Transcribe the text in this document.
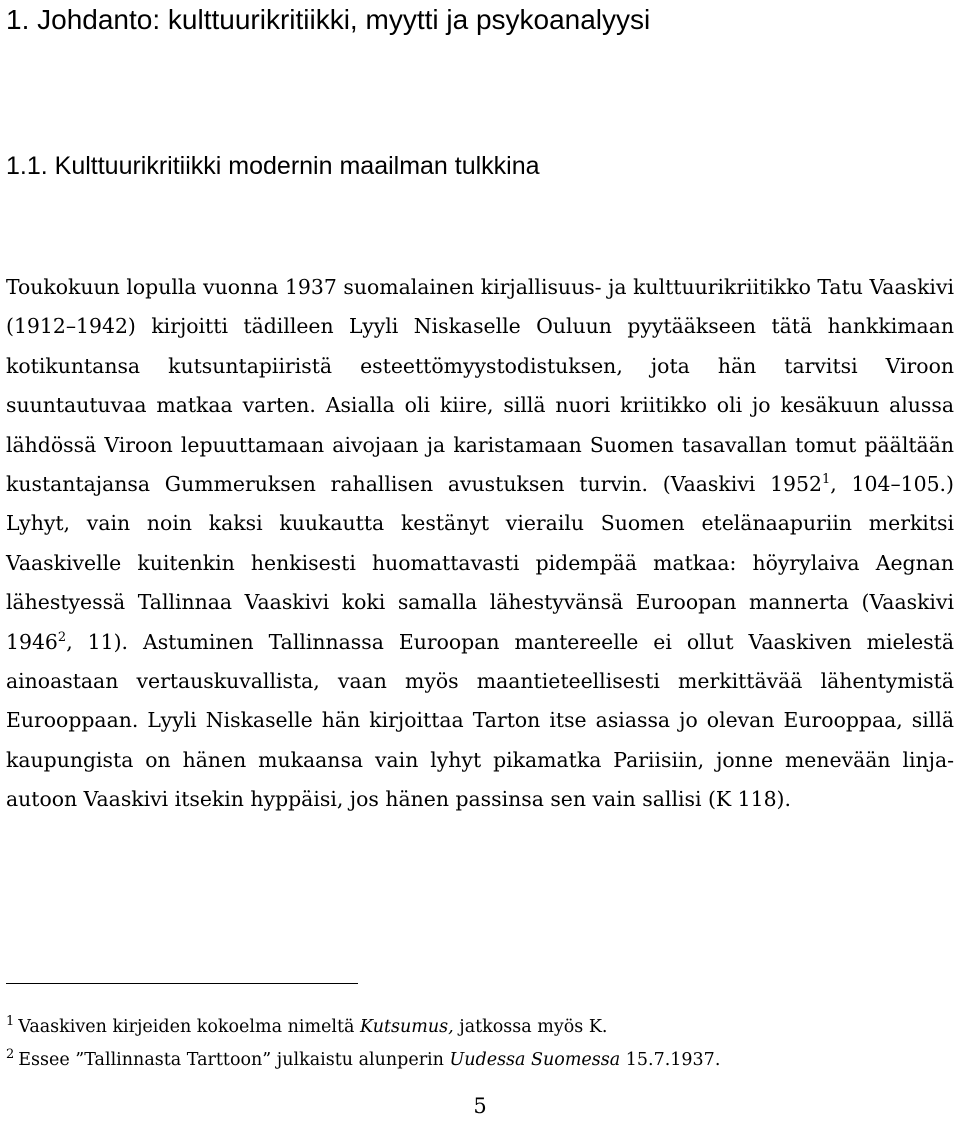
1. Johdanto: kulttuurikritiikki, myytti ja psykoanalyysi
1.1. Kulttuurikritiikki modernin maailman tulkkina

Toukokuun lopulla vuonna 1937 suomalainen kirjallisuus- ja kulttuurikriitikko Tatu Vaaskivi (1912–1942) kirjoitti tädilleen Lyyli Niskaselle Ouluun pyytääkseen tätä hankkimaan kotikuntansa kutsuntapiiristä esteettömyystodistuksen, jota hän tarvitsi Viroon suuntautuvaa matkaa varten. Asialla oli kiire, sillä nuori kriitikko oli jo kesäkuun alussa lähdössä Viroon lepuuttamaan aivojaan ja karistamaan Suomen tasavallan tomut päältään kustantajansa Gummeruksen rahallisen avustuksen turvin. (Vaaskivi 1952$^1$, 104–105.) Lyhyt, vain noin kaksi kuukautta kestänyt vierailu Suomen etelänaapuriin merkitsi Vaaskivelle kuitenkin henkisesti huomattavasti pidempää matkaa: höyrylaiva Aegnan lähestyessä Tallinnaa Vaaskivi koki samalla lähestyvänsä Euroopan mannerta (Vaaskivi 1946$^2$, 11). Astuminen Tallinnassa Euroopan mantereelle ei ollut Vaaskiven mielestä ainoastaan vertauskuvallista, vaan myös maantieteellisesti merkittävää lähentymistä Eurooppaan. Lyyli Niskaselle hän kirjoittaa Tarton itse asiassa jo olevan Eurooppaa, sillä kaupungista on hänen mukaansa vain lyhyt pikamatka Pariisiin, jonne menevään linja-autoon Vaaskivi itsekin hyppäisi, jos hänen passinsa sen vain sallisi (K 118).

$^1$ Vaaskiven kirjeiden kokoelma nimeltä Kutsumus, jatkossa myös K.
$^2$ Essee ”Tallinnasta Tarttoon” julkaistu alunperin Uudessa Suomessa 15.7.1937.
5
